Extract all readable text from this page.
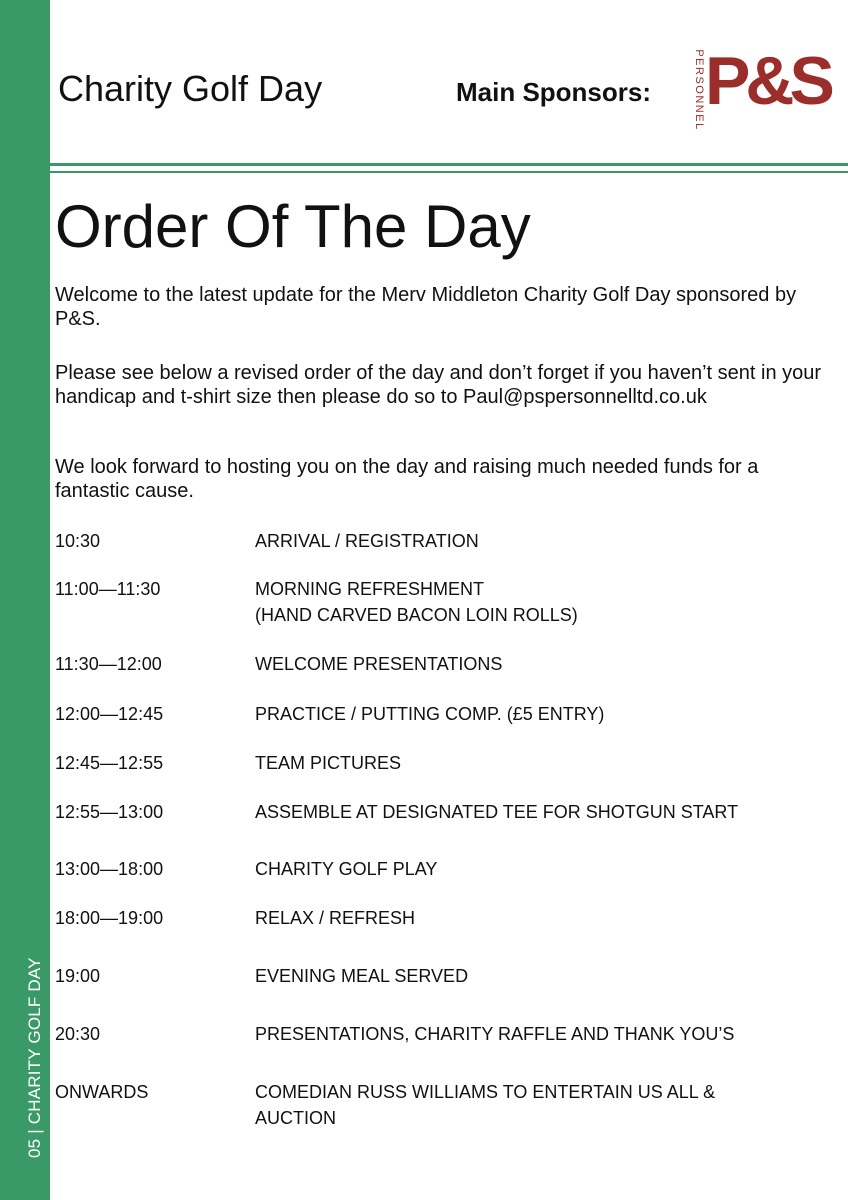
05 | CHARITY GOLF DAY
Charity Golf Day	Main Sponsors:	PERSONNEL P&S
Order Of The Day

Welcome to the latest update for the Merv Middleton Charity Golf Day sponsored by P&S.

Please see below a revised order of the day and don’t forget if you haven’t sent in your handicap and t-shirt size then please do so to Paul@pspersonnelltd.co.uk

We look forward to hosting you on the day and raising much needed funds for a fantastic cause.

10:30	ARRIVAL / REGISTRATION
11:00—11:30	MORNING REFRESHMENT
(HAND CARVED BACON LOIN ROLLS)
11:30—12:00	WELCOME PRESENTATIONS
12:00—12:45	PRACTICE / PUTTING COMP. (£5 ENTRY)
12:45—12:55	TEAM PICTURES
12:55—13:00	ASSEMBLE AT DESIGNATED TEE FOR SHOTGUN START
13:00—18:00	CHARITY GOLF PLAY
18:00—19:00	RELAX / REFRESH
19:00	EVENING MEAL SERVED
20:30	PRESENTATIONS, CHARITY RAFFLE AND THANK YOU’S
ONWARDS	COMEDIAN RUSS WILLIAMS TO ENTERTAIN US ALL & AUCTION
